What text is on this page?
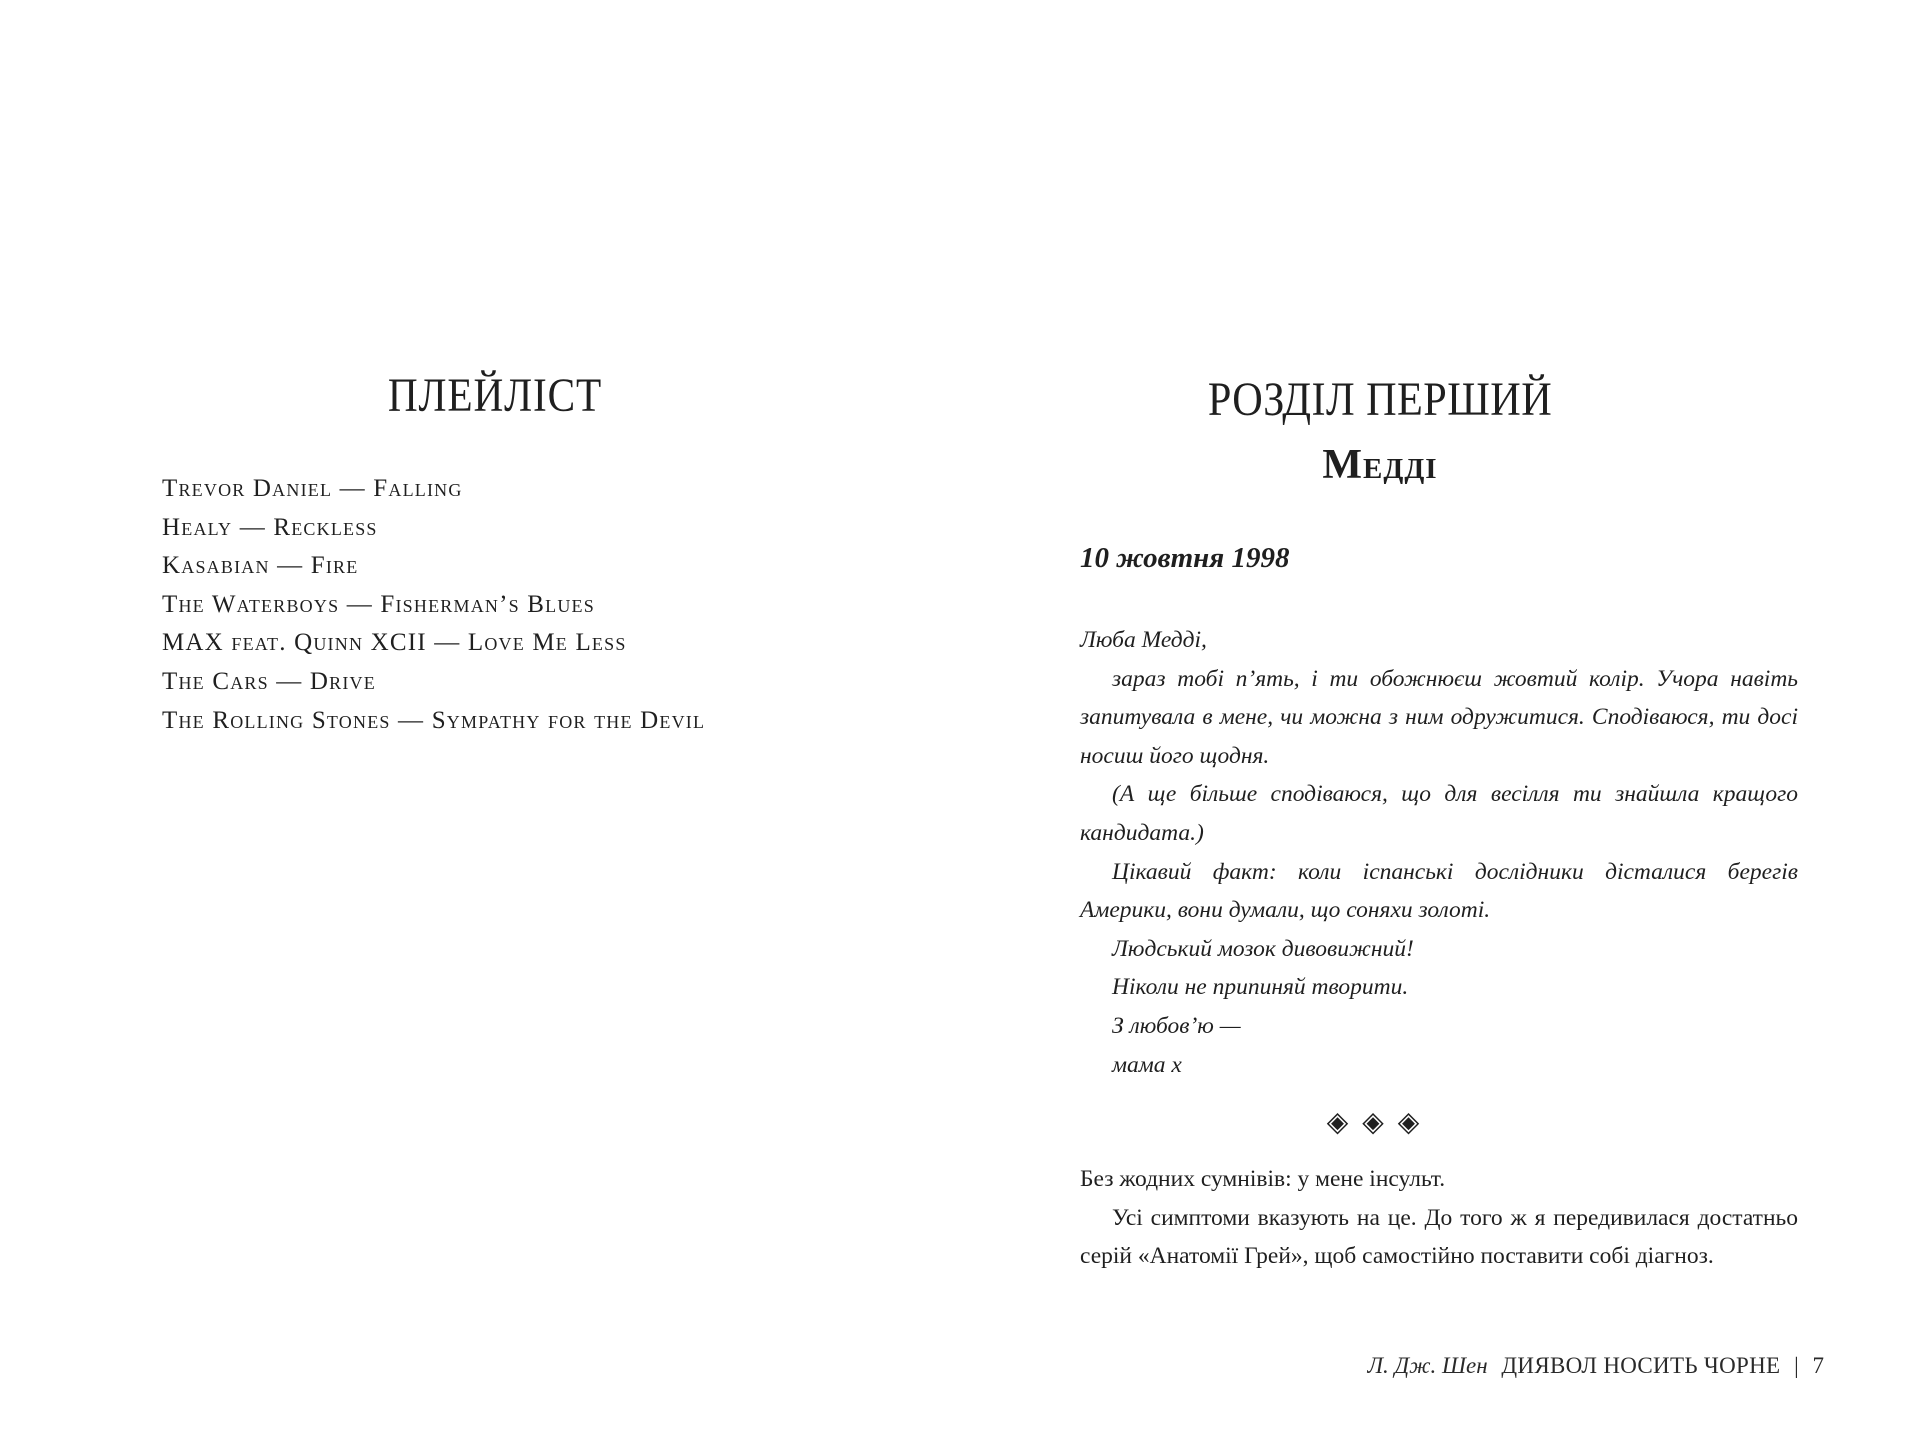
ПЛЕЙЛІСТ
Trevor Daniel — Falling
Healy — Reckless
Kasabian — Fire
The Waterboys — Fisherman’s Blues
MAX feat. Quinn XCII — Love Me Less
The Cars — Drive
The Rolling Stones — Sympathy for the Devil
РОЗДІЛ ПЕРШИЙ
Медді

10 жовтня 1998

Люба Медді,

зараз тобі п’ять, і ти обожнюєш жовтий колір. Учора навіть запитувала в мене, чи можна з ним одружитися. Сподіваюся, ти досі носиш його щодня.

(А ще більше сподіваюся, що для весілля ти знайшла кращого кандидата.)

Цікавий факт: коли іспанські дослідники дісталися берегів Америки, вони думали, що соняхи золоті.

Людський мозок дивовижний!

Ніколи не припиняй творити.

З любов’ю —

мама х

◈◈◈

Без жодних сумнівів: у мене інсульт.

Усі симптоми вказують на це. До того ж я передивилася достатньо серій «Анатомії Грей», щоб самостійно поставити собі діагноз.

Л. Дж. Шен ДИЯВОЛ НОСИТЬ ЧОРНЕ | 7
